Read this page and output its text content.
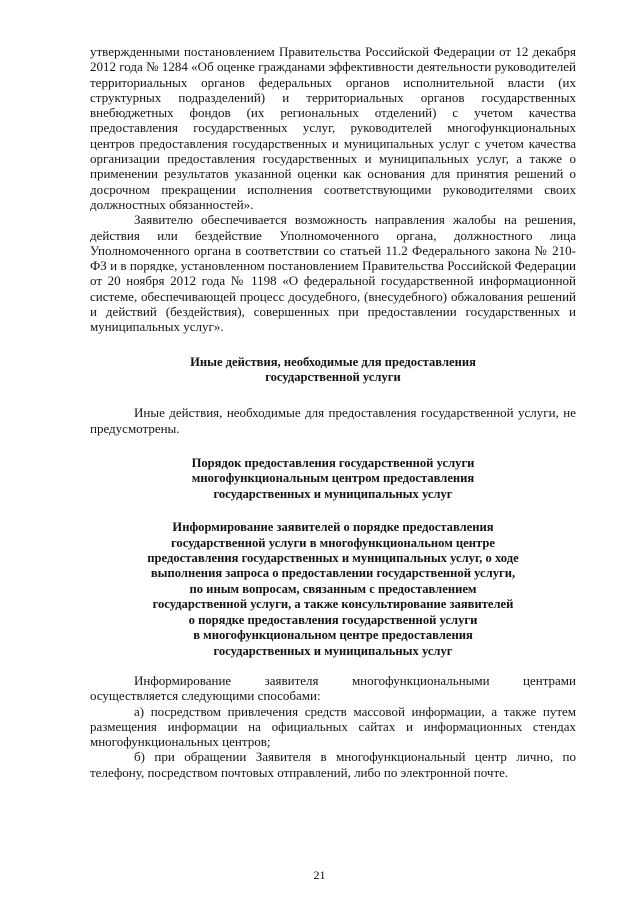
утвержденными постановлением Правительства Российской Федерации от 12 декабря 2012 года № 1284 «Об оценке гражданами эффективности деятельности руководителей территориальных органов федеральных органов исполнительной власти (их структурных подразделений) и территориальных органов государственных внебюджетных фондов (их региональных отделений) с учетом качества предоставления государственных услуг, руководителей многофункциональных центров предоставления государственных и муниципальных услуг с учетом качества организации предоставления государственных и муниципальных услуг, а также о применении результатов указанной оценки как основания для принятия решений о досрочном прекращении исполнения соответствующими руководителями своих должностных обязанностей».

Заявителю обеспечивается возможность направления жалобы на решения, действия или бездействие Уполномоченного органа, должностного лица Уполномоченного органа в соответствии со статьей 11.2 Федерального закона № 210-ФЗ и в порядке, установленном постановлением Правительства Российской Федерации от 20 ноября 2012 года № 1198 «О федеральной государственной информационной системе, обеспечивающей процесс досудебного, (внесудебного) обжалования решений и действий (бездействия), совершенных при предоставлении государственных и муниципальных услуг».

Иные действия, необходимые для предоставления

государственной услуги

Иные действия, необходимые для предоставления государственной услуги, не предусмотрены.

Порядок предоставления государственной услуги

многофункциональным центром предоставления

государственных и муниципальных услуг

Информирование заявителей о порядке предоставления

государственной услуги в многофункциональном центре

предоставления государственных и муниципальных услуг, о ходе

выполнения запроса о предоставлении государственной услуги,

по иным вопросам, связанным с предоставлением

государственной услуги, а также консультирование заявителей

о порядке предоставления государственной услуги

в многофункциональном центре предоставления

государственных и муниципальных услуг

Информирование заявителя многофункциональными центрами осуществляется следующими способами:

а) посредством привлечения средств массовой информации, а также путем размещения информации на официальных сайтах и информационных стендах многофункциональных центров;

б) при обращении Заявителя в многофункциональный центр лично, по телефону, посредством почтовых отправлений, либо по электронной почте.

21
